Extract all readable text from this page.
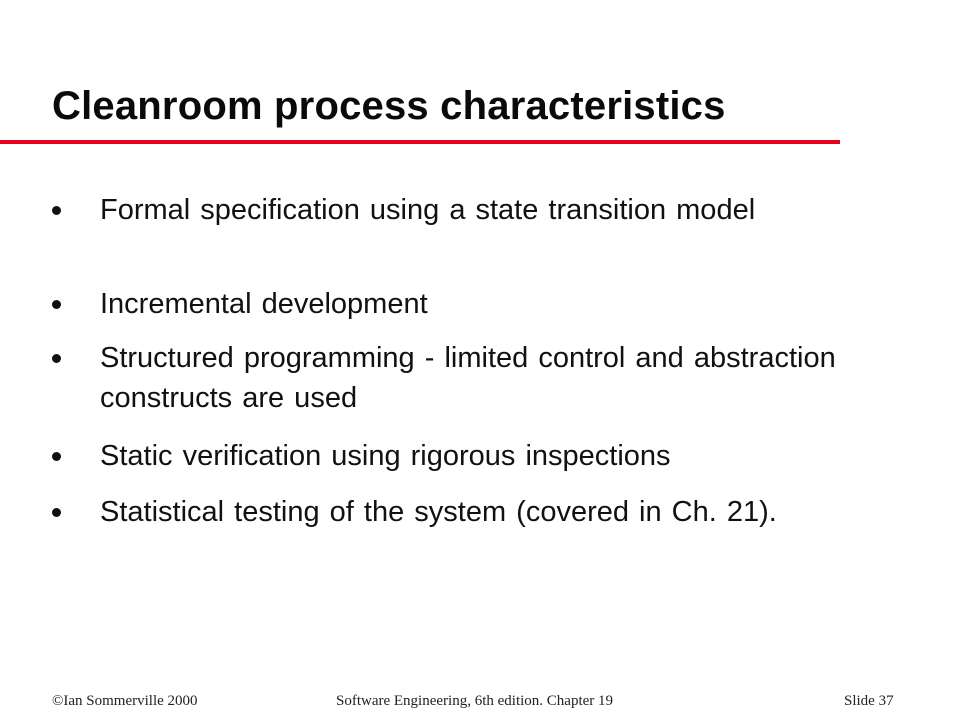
Cleanroom process characteristics
Formal specification using a state transition model
Incremental development
Structured programming - limited control and abstraction constructs are used
Static verification using rigorous inspections
Statistical testing of the system (covered in Ch. 21).
©Ian Sommerville 2000	Software Engineering, 6th edition. Chapter 19	Slide 37
